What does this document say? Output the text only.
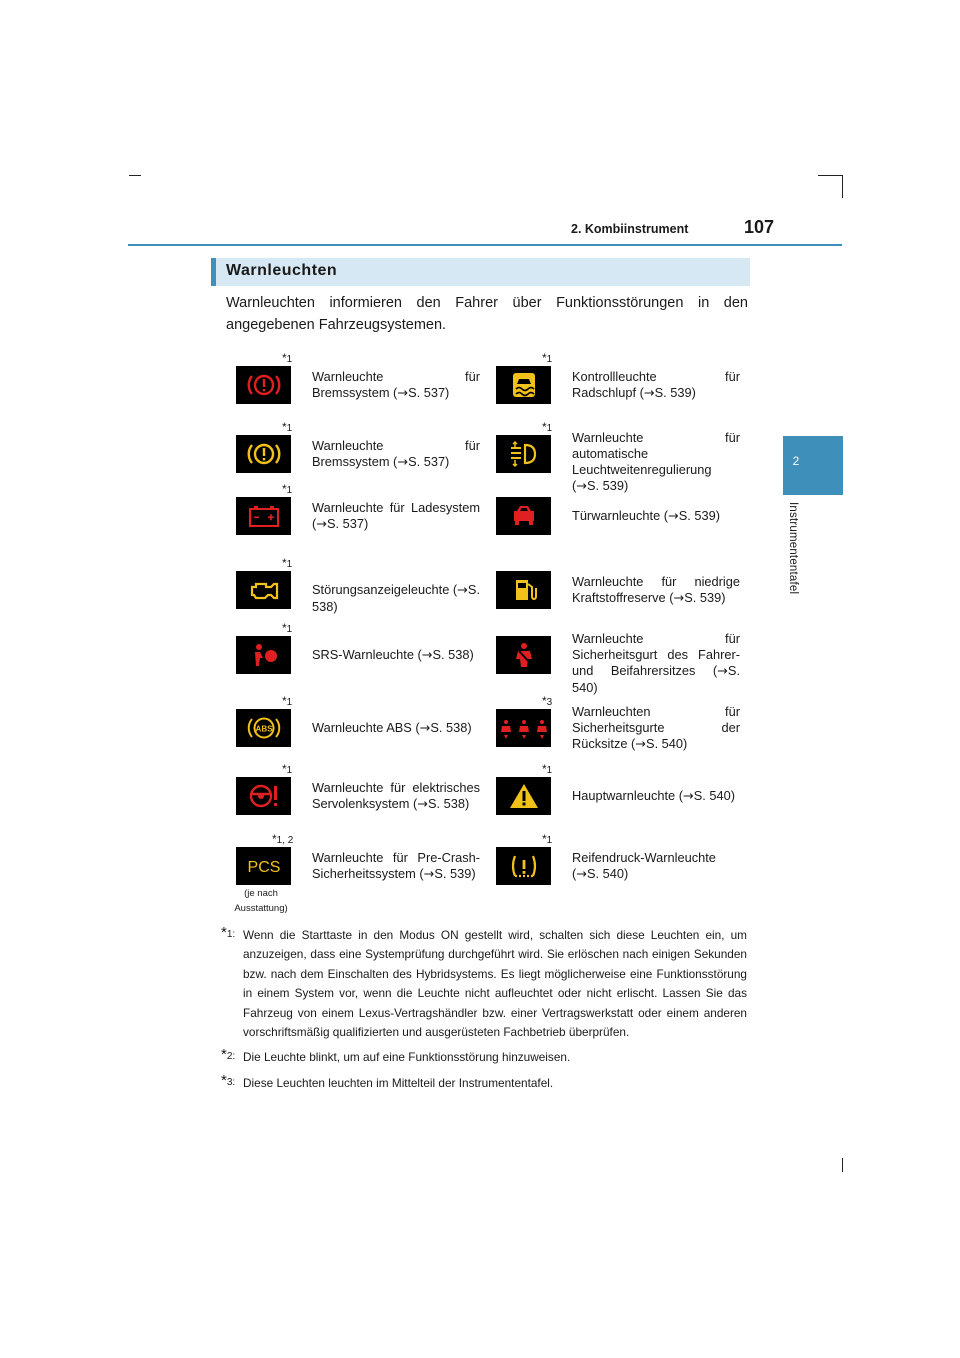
2. Kombiinstrument	107
2
Instrumententafel
Warnleuchten
Warnleuchten informieren den Fahrer über Funktionsstörungen in den angegebenen Fahrzeugsystemen.
*1
Warnleuchte für Bremssystem (→S. 537)
*1
Kontrollleuchte für Radschlupf (→S. 539)
*1
Warnleuchte für Bremssystem (→S. 537)
*1
Warnleuchte für automatische Leuchtweitenregulierung (→S. 539)
*1
Warnleuchte für Ladesystem (→S. 537)
Türwarnleuchte (→S. 539)
*1
Störungsanzeigeleuchte (→S. 538)
Warnleuchte für niedrige Kraftstoffreserve (→S. 539)
*1
SRS-Warnleuchte (→S. 538)
Warnleuchte für Sicherheitsgurt des Fahrer- und Beifahrersitzes (→S. 540)
*1
ABS	Warnleuchte ABS (→S. 538)
*3
Warnleuchten für Sicherheitsgurte der Rücksitze (→S. 540)
*1
Warnleuchte für elektrisches Servolenksystem (→S. 538)
*1
Hauptwarnleuchte (→S. 540)
*1, 2
PCS
Warnleuchte für Pre-Crash-Sicherheitssystem (→S. 539)
*1
Reifendruck-Warnleuchte (→S. 540)
(je nach Ausstattung)
*1: Wenn die Starttaste in den Modus ON gestellt wird, schalten sich diese Leuchten ein, um anzuzeigen, dass eine Systemprüfung durchgeführt wird. Sie erlöschen nach einigen Sekunden bzw. nach dem Einschalten des Hybridsystems. Es liegt möglicherweise eine Funktionsstörung in einem System vor, wenn die Leuchte nicht aufleuchtet oder nicht erlischt. Lassen Sie das Fahrzeug von einem Lexus-Vertragshändler bzw. einer Vertragswerkstatt oder einem anderen vorschriftsmäßig qualifizierten und ausgerüsteten Fachbetrieb überprüfen.
*2: Die Leuchte blinkt, um auf eine Funktionsstörung hinzuweisen.
*3: Diese Leuchten leuchten im Mittelteil der Instrumententafel.
